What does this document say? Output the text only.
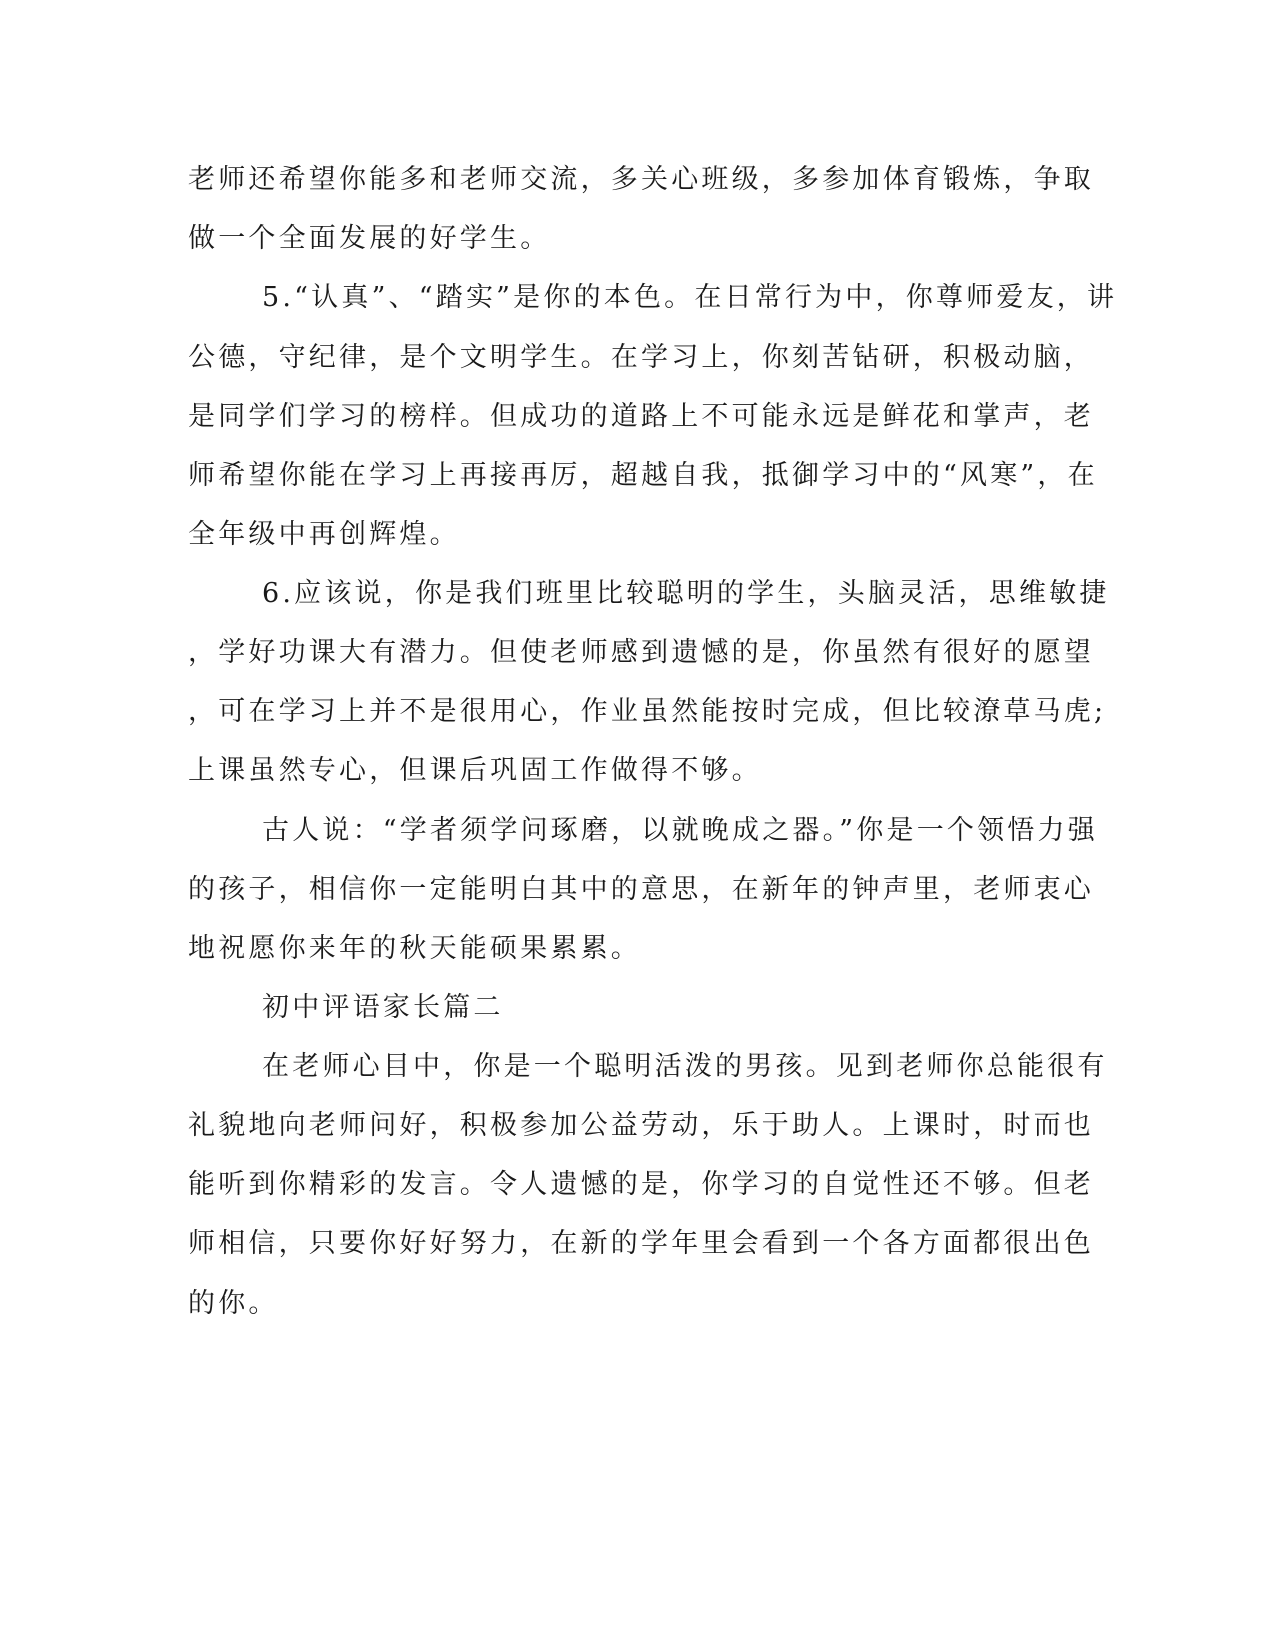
老师还希望你能多和老师交流，多关心班级，多参加体育锻炼，争取
做一个全面发展的好学生。
5.“认真”、“踏实”是你的本色。在日常行为中，你尊师爱友，讲
公德，守纪律，是个文明学生。在学习上，你刻苦钻研，积极动脑，
是同学们学习的榜样。但成功的道路上不可能永远是鲜花和掌声，老
师希望你能在学习上再接再厉，超越自我，抵御学习中的“风寒”，在
全年级中再创辉煌。
6.应该说，你是我们班里比较聪明的学生，头脑灵活，思维敏捷
，学好功课大有潜力。但使老师感到遗憾的是，你虽然有很好的愿望
，可在学习上并不是很用心，作业虽然能按时完成，但比较潦草马虎;
上课虽然专心，但课后巩固工作做得不够。
古人说：“学者须学问琢磨，以就晚成之器。”你是一个领悟力强
的孩子，相信你一定能明白其中的意思，在新年的钟声里，老师衷心
地祝愿你来年的秋天能硕果累累。
初中评语家长篇二
在老师心目中，你是一个聪明活泼的男孩。见到老师你总能很有
礼貌地向老师问好，积极参加公益劳动，乐于助人。上课时，时而也
能听到你精彩的发言。令人遗憾的是，你学习的自觉性还不够。但老
师相信，只要你好好努力，在新的学年里会看到一个各方面都很出色
的你。
